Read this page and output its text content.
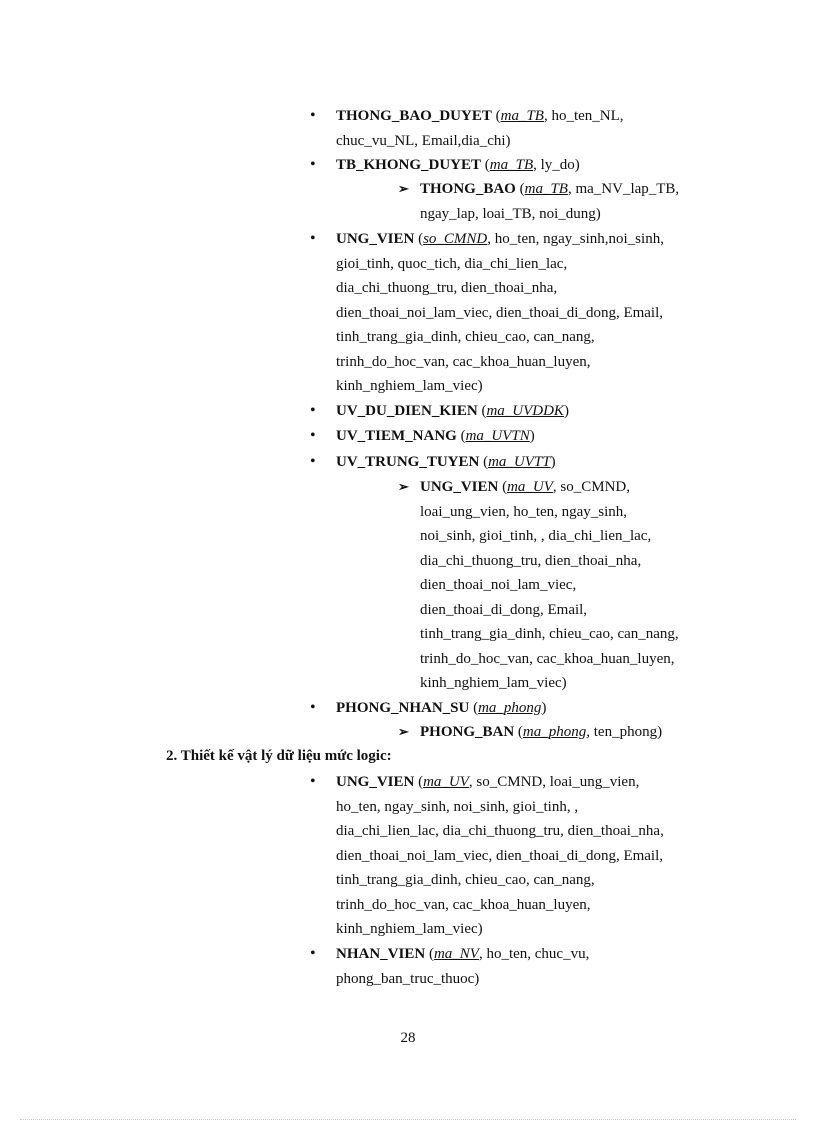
• THONG_BAO_DUYET (ma_TB, ho_ten_NL,
chuc_vu_NL, Email,dia_chi)
• TB_KHONG_DUYET (ma_TB, ly_do)
➢ THONG_BAO (ma_TB, ma_NV_lap_TB,
ngay_lap, loai_TB, noi_dung)
• UNG_VIEN (so_CMND, ho_ten, ngay_sinh,noi_sinh,
gioi_tinh, quoc_tich, dia_chi_lien_lac,
dia_chi_thuong_tru, dien_thoai_nha,
dien_thoai_noi_lam_viec, dien_thoai_di_dong, Email,
tinh_trang_gia_dinh, chieu_cao, can_nang,
trinh_do_hoc_van, cac_khoa_huan_luyen,
kinh_nghiem_lam_viec)
• UV_DU_DIEN_KIEN (ma_UVDDK)
• UV_TIEM_NANG (ma_UVTN)
• UV_TRUNG_TUYEN (ma_UVTT)
➢ UNG_VIEN (ma_UV, so_CMND,
loai_ung_vien, ho_ten, ngay_sinh,
noi_sinh, gioi_tinh, , dia_chi_lien_lac,
dia_chi_thuong_tru, dien_thoai_nha,
dien_thoai_noi_lam_viec,
dien_thoai_di_dong, Email,
tinh_trang_gia_dinh, chieu_cao, can_nang,
trinh_do_hoc_van, cac_khoa_huan_luyen,
kinh_nghiem_lam_viec)
• PHONG_NHAN_SU (ma_phong)
➢ PHONG_BAN (ma_phong, ten_phong)
2. Thiết kế vật lý dữ liệu mức logic:
• UNG_VIEN (ma_UV, so_CMND, loai_ung_vien,
ho_ten, ngay_sinh, noi_sinh, gioi_tinh, ,
dia_chi_lien_lac, dia_chi_thuong_tru, dien_thoai_nha,
dien_thoai_noi_lam_viec, dien_thoai_di_dong, Email,
tinh_trang_gia_dinh, chieu_cao, can_nang,
trinh_do_hoc_van, cac_khoa_huan_luyen,
kinh_nghiem_lam_viec)
• NHAN_VIEN (ma_NV, ho_ten, chuc_vu,
phong_ban_truc_thuoc)
28
